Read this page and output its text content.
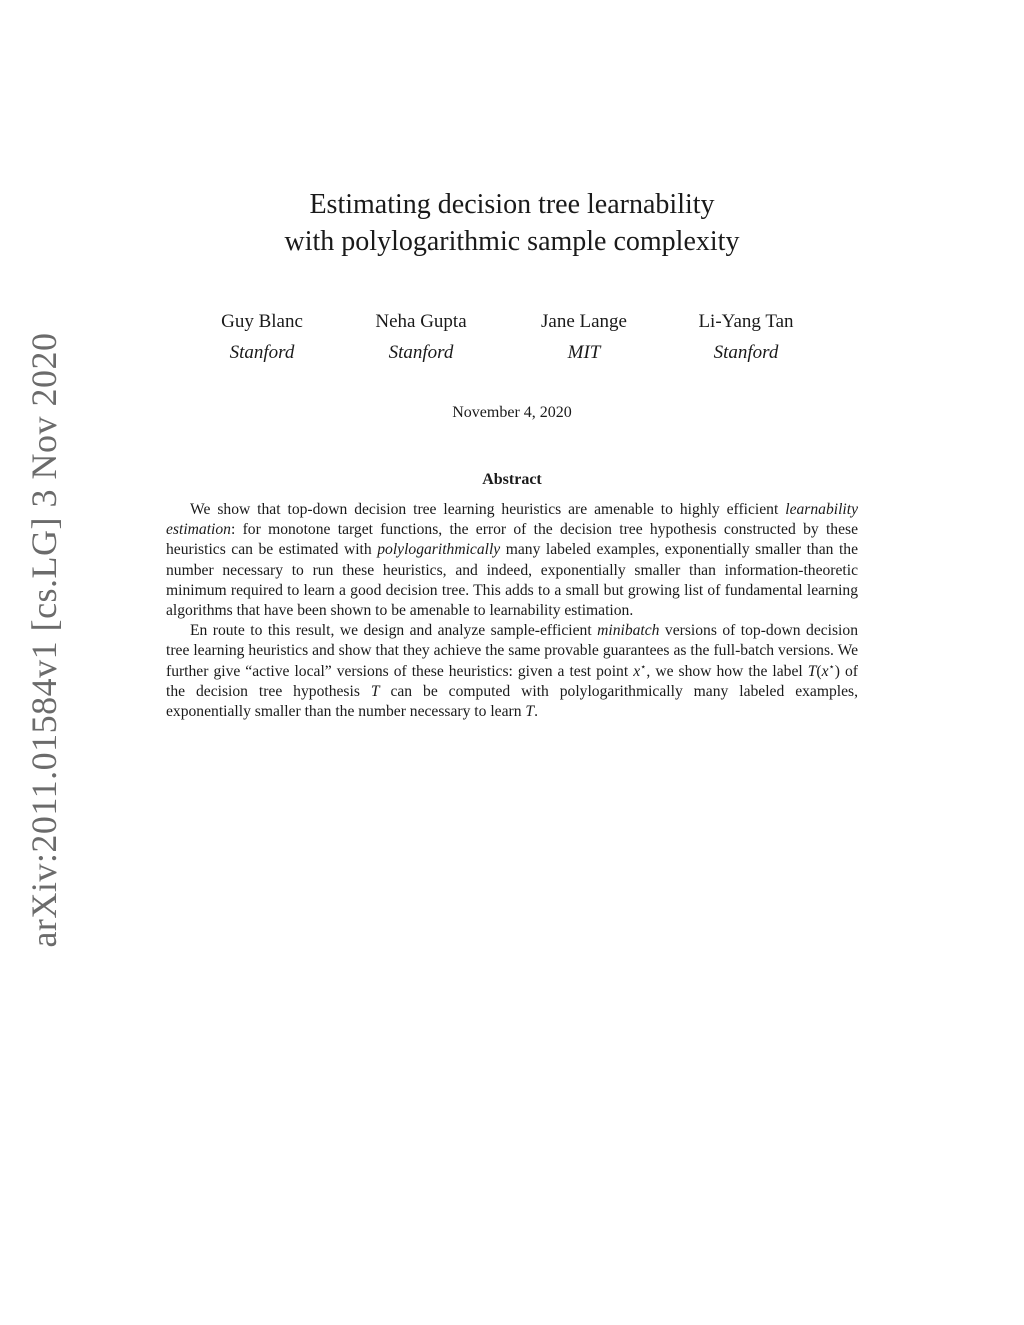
arXiv:2011.01584v1 [cs.LG] 3 Nov 2020
Estimating decision tree learnability
with polylogarithmic sample complexity
Guy Blanc
Stanford
Neha Gupta
Stanford
Jane Lange
MIT
Li-Yang Tan
Stanford
November 4, 2020
Abstract

We show that top-down decision tree learning heuristics are amenable to highly efficient learnability estimation: for monotone target functions, the error of the decision tree hypothesis constructed by these heuristics can be estimated with polylogarithmically many labeled examples, exponentially smaller than the number necessary to run these heuristics, and indeed, exponentially smaller than information-theoretic minimum required to learn a good decision tree. This adds to a small but growing list of fundamental learning algorithms that have been shown to be amenable to learnability estimation.

En route to this result, we design and analyze sample-efficient minibatch versions of top-down decision tree learning heuristics and show that they achieve the same provable guarantees as the full-batch versions. We further give “active local” versions of these heuristics: given a test point x⋆, we show how the label T(x⋆) of the decision tree hypothesis T can be computed with polylogarithmically many labeled examples, exponentially smaller than the number necessary to learn T.
